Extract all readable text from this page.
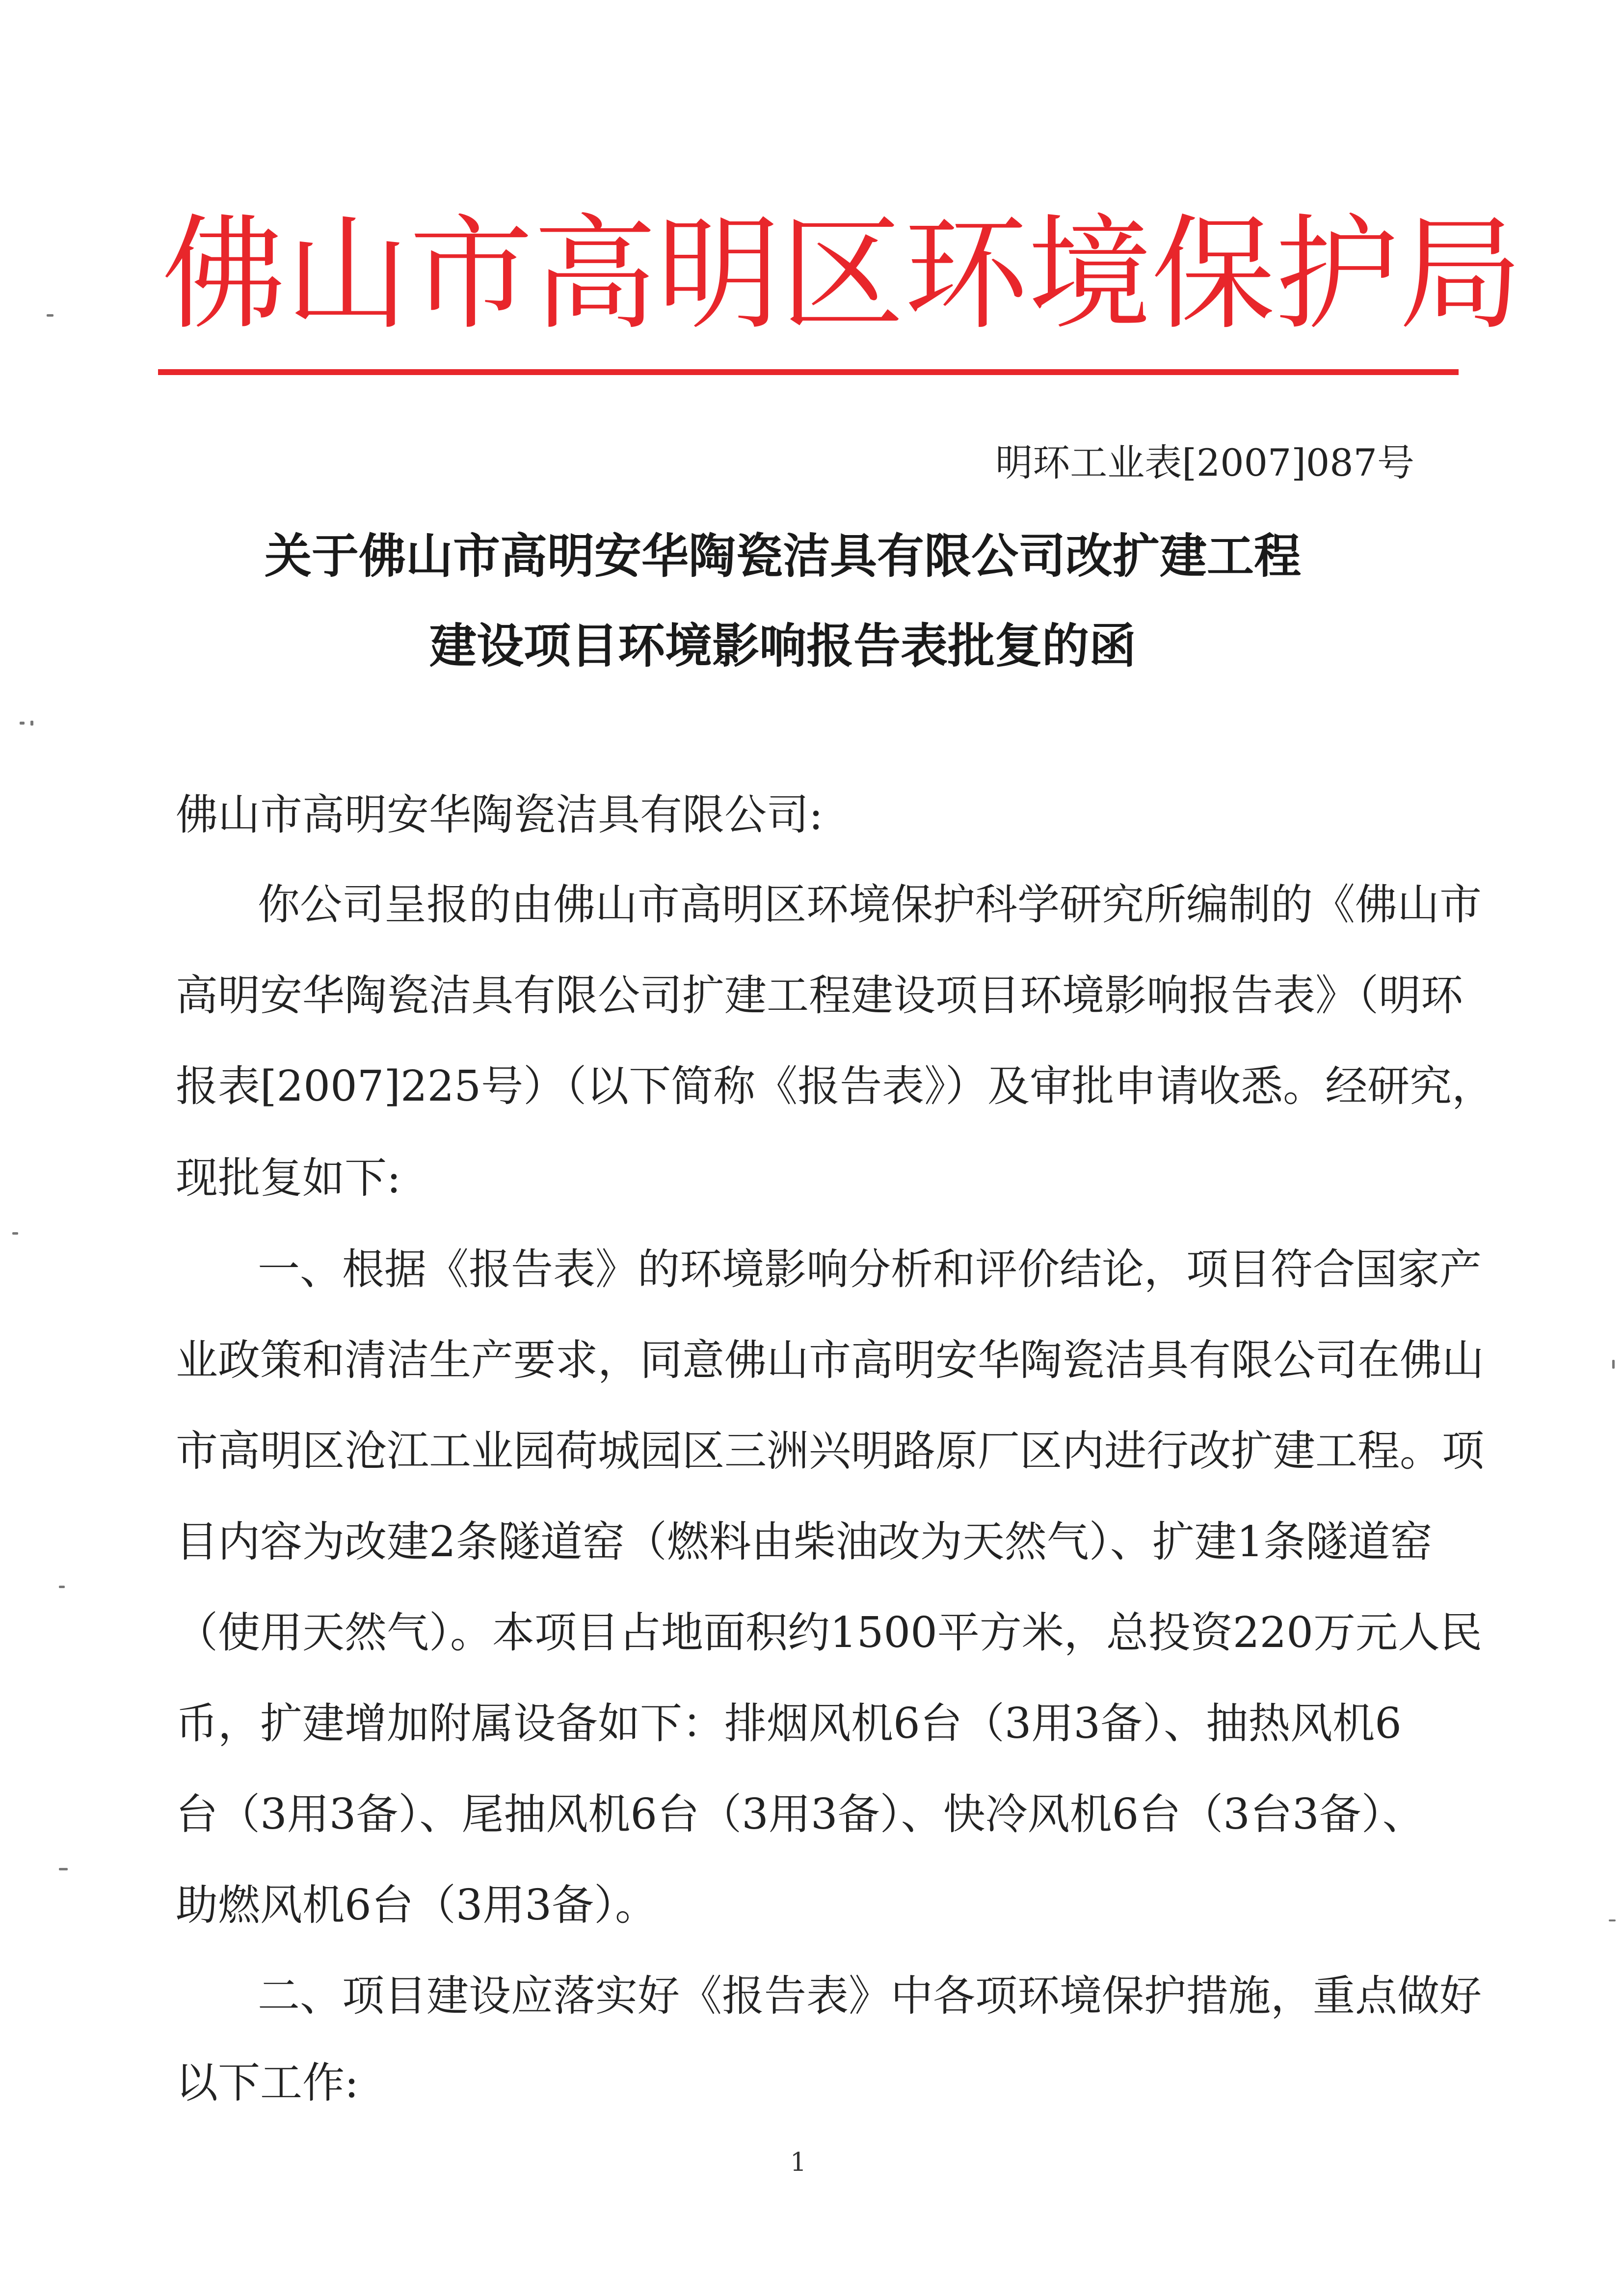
佛 山 市 高 明 区 环 境 保 护 局
明环工业表[2007]087号
关于佛山市高明安华陶瓷洁具有限公司改扩建工程
建设项目环境影响报告表批复的函
佛山市高明安华陶瓷洁具有限公司:
你公司呈报的由佛山市高明区环境保护科学研究所编制的《佛山市
高明安华陶瓷洁具有限公司扩建工程建设项目环境影响报告表》（明环
报表[2007]225号）（以下简称《报告表》）及审批申请收悉。经研究，
现批复如下:
一、根据《报告表》的环境影响分析和评价结论，项目符合国家产
业政策和清洁生产要求，同意佛山市高明安华陶瓷洁具有限公司在佛山
市高明区沧江工业园荷城园区三洲兴明路原厂区内进行改扩建工程。项
目内容为改建2条隧道窑（燃料由柴油改为天然气）、扩建1条隧道窑
（使用天然气）。本项目占地面积约1500平方米，总投资220万元人民
币，扩建增加附属设备如下：排烟风机6台（3用3备）、抽热风机6
台（3用3备）、尾抽风机6台（3用3备）、快冷风机6台（3台3备）、
助燃风机6台（3用3备）。
二、项目建设应落实好《报告表》中各项环境保护措施，重点做好
以下工作:
1
